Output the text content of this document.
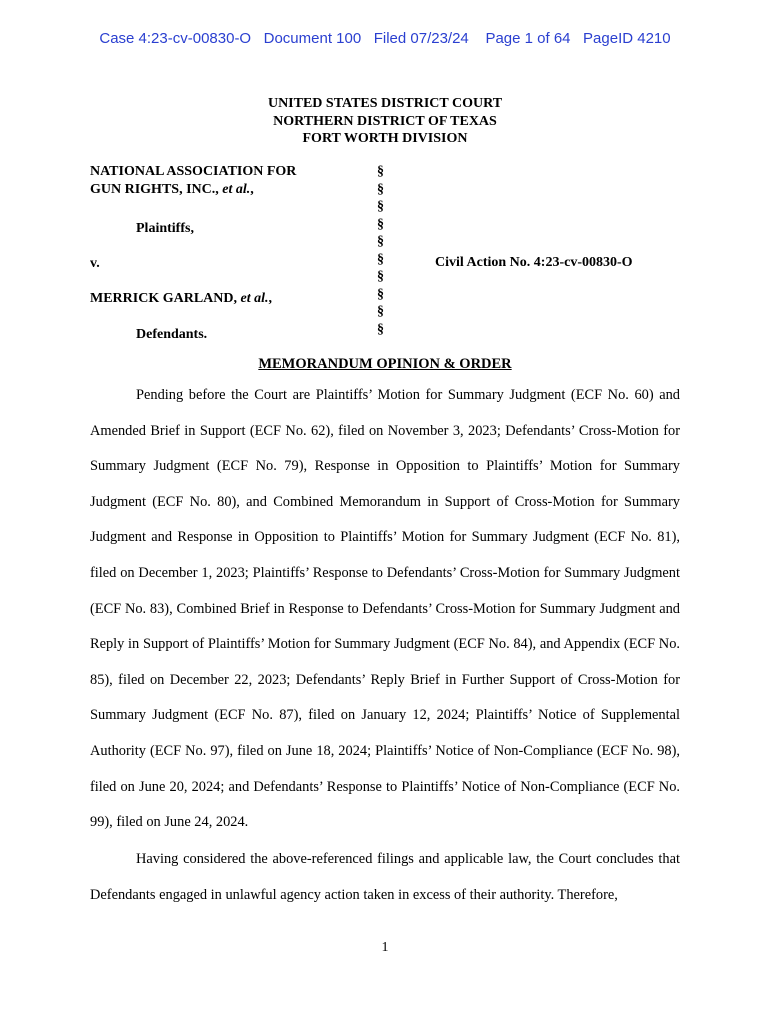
Case 4:23-cv-00830-O Document 100 Filed 07/23/24 Page 1 of 64 PageID 4210
UNITED STATES DISTRICT COURT
NORTHERN DISTRICT OF TEXAS
FORT WORTH DIVISION
NATIONAL ASSOCIATION FOR
GUN RIGHTS, INC., et al.,
Plaintiffs,
v.
MERRICK GARLAND, et al.,
Defendants.
§
§
§
§
§
§
§
§
§
§
Civil Action No. 4:23-cv-00830-O
MEMORANDUM OPINION & ORDER
Pending before the Court are Plaintiffs’ Motion for Summary Judgment (ECF No. 60) and Amended Brief in Support (ECF No. 62), filed on November 3, 2023; Defendants’ Cross-Motion for Summary Judgment (ECF No. 79), Response in Opposition to Plaintiffs’ Motion for Summary Judgment (ECF No. 80), and Combined Memorandum in Support of Cross-Motion for Summary Judgment and Response in Opposition to Plaintiffs’ Motion for Summary Judgment (ECF No. 81), filed on December 1, 2023; Plaintiffs’ Response to Defendants’ Cross-Motion for Summary Judgment (ECF No. 83), Combined Brief in Response to Defendants’ Cross-Motion for Summary Judgment and Reply in Support of Plaintiffs’ Motion for Summary Judgment (ECF No. 84), and Appendix (ECF No. 85), filed on December 22, 2023; Defendants’ Reply Brief in Further Support of Cross-Motion for Summary Judgment (ECF No. 87), filed on January 12, 2024; Plaintiffs’ Notice of Supplemental Authority (ECF No. 97), filed on June 18, 2024; Plaintiffs’ Notice of Non-Compliance (ECF No. 98), filed on June 20, 2024; and Defendants’ Response to Plaintiffs’ Notice of Non-Compliance (ECF No. 99), filed on June 24, 2024.
Having considered the above-referenced filings and applicable law, the Court concludes that Defendants engaged in unlawful agency action taken in excess of their authority. Therefore,
1
